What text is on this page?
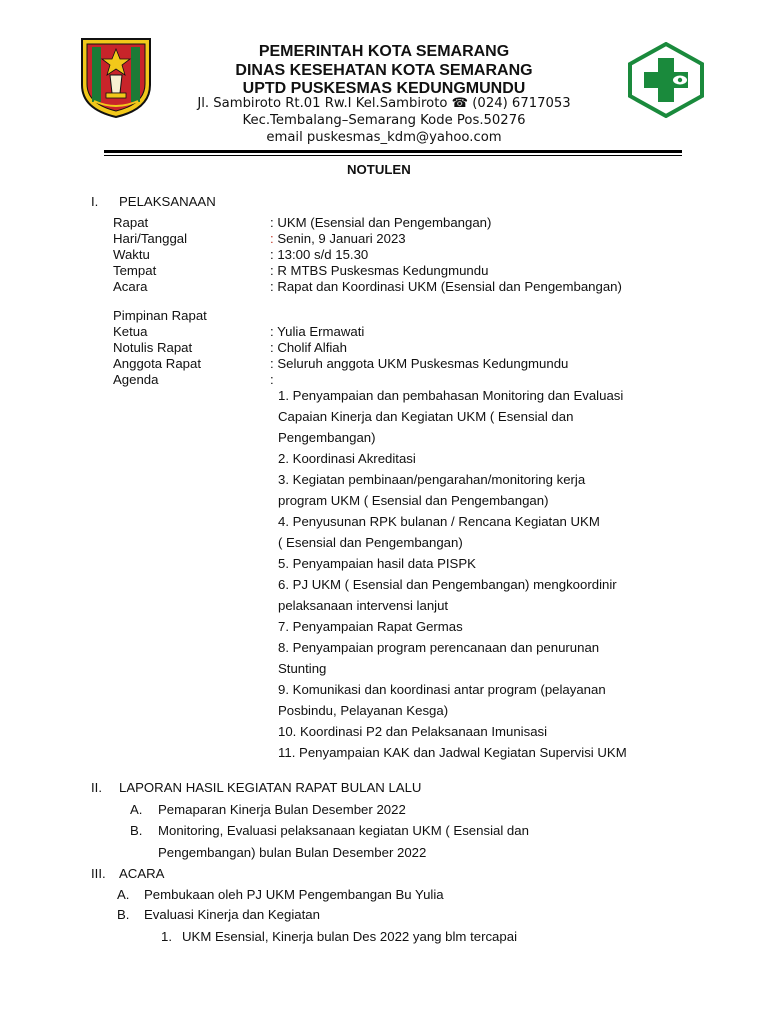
PEMERINTAH KOTA SEMARANG
DINAS KESEHATAN KOTA SEMARANG
UPTD PUSKESMAS KEDUNGMUNDU
Jl. Sambiroto Rt.01 Rw.I Kel.Sambiroto ☎ (024) 6717053
Kec.Tembalang–Semarang Kode Pos.50276
email puskesmas_kdm@yahoo.com
NOTULEN
I. PELAKSANAAN
Rapat	: UKM (Esensial dan Pengembangan)
Hari/Tanggal	: Senin, 9 Januari 2023
Waktu	: 13:00 s/d 15.30
Tempat	: R MTBS Puskesmas Kedungmundu
Acara	: Rapat dan Koordinasi UKM (Esensial dan Pengembangan)
Pimpinan Rapat
Ketua	: Yulia Ermawati
Notulis Rapat	: Cholif Alfiah
Anggota Rapat	: Seluruh anggota UKM Puskesmas Kedungmundu
Agenda	:
1. Penyampaian dan pembahasan Monitoring dan Evaluasi
Capaian Kinerja dan Kegiatan UKM ( Esensial dan
Pengembangan)
2. Koordinasi Akreditasi
3. Kegiatan pembinaan/pengarahan/monitoring kerja
program UKM ( Esensial dan Pengembangan)
4. Penyusunan RPK bulanan / Rencana Kegiatan UKM
( Esensial dan Pengembangan)
5. Penyampaian hasil data PISPK
6. PJ UKM ( Esensial dan Pengembangan) mengkoordinir
pelaksanaan intervensi lanjut
7. Penyampaian Rapat Germas
8. Penyampaian program perencanaan dan penurunan
Stunting
9. Komunikasi dan koordinasi antar program (pelayanan
Posbindu, Pelayanan Kesga)
10. Koordinasi P2 dan Pelaksanaan Imunisasi
11. Penyampaian KAK dan Jadwal Kegiatan Supervisi UKM
II. LAPORAN HASIL KEGIATAN RAPAT BULAN LALU
A. Pemaparan Kinerja Bulan Desember 2022
B. Monitoring, Evaluasi pelaksanaan kegiatan UKM ( Esensial dan
Pengembangan) bulan Bulan Desember 2022
III. ACARA
A. Pembukaan oleh PJ UKM Pengembangan Bu Yulia
B. Evaluasi Kinerja dan Kegiatan
1. UKM Esensial, Kinerja bulan Des 2022 yang blm tercapai
